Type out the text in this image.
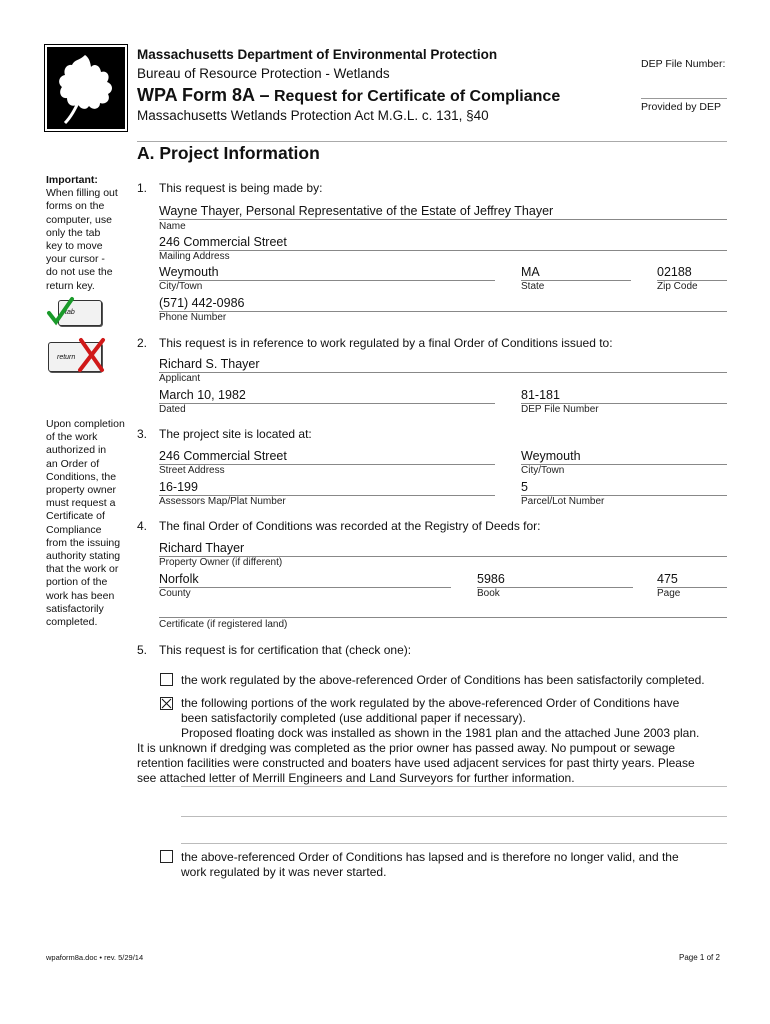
Massachusetts Department of Environmental Protection
Bureau of Resource Protection - Wetlands
WPA Form 8A – Request for Certificate of Compliance
Massachusetts Wetlands Protection Act M.G.L. c. 131, §40
DEP File Number:
Provided by DEP
A. Project Information
Important:
When filling out
forms on the
computer, use
only the tab
key to move
your cursor -
do not use the
return key.
tab
return
Upon completion
of the work
authorized in
an Order of
Conditions, the
property owner
must request a
Certificate of
Compliance
from the issuing
authority stating
that the work or
portion of the
work has been
satisfactorily
completed.
1. This request is being made by:
Wayne Thayer, Personal Representative of the Estate of Jeffrey Thayer
Name
246 Commercial Street
Mailing Address
Weymouth
City/Town
MA
State
02188
Zip Code
(571) 442-0986
Phone Number
2. This request is in reference to work regulated by a final Order of Conditions issued to:
Richard S. Thayer
Applicant
March 10, 1982
Dated
81-181
DEP File Number
3. The project site is located at:
246 Commercial Street
Street Address
Weymouth
City/Town
16-199
Assessors Map/Plat Number
5
Parcel/Lot Number
4. The final Order of Conditions was recorded at the Registry of Deeds for:
Richard Thayer
Property Owner (if different)
Norfolk
County
5986
Book
475
Page
Certificate (if registered land)
5. This request is for certification that (check one):
the work regulated by the above-referenced Order of Conditions has been satisfactorily completed.
the following portions of the work regulated by the above-referenced Order of Conditions have
been satisfactorily completed (use additional paper if necessary).
Proposed floating dock was installed as shown in the 1981 plan and the attached June 2003 plan.
It is unknown if dredging was completed as the prior owner has passed away. No pumpout or sewage
retention facilities were constructed and boaters have used adjacent services for past thirty years. Please
see attached letter of Merrill Engineers and Land Surveyors for further information.
the above-referenced Order of Conditions has lapsed and is therefore no longer valid, and the
work regulated by it was never started.
wpaform8a.doc • rev. 5/29/14	Page 1 of 2
